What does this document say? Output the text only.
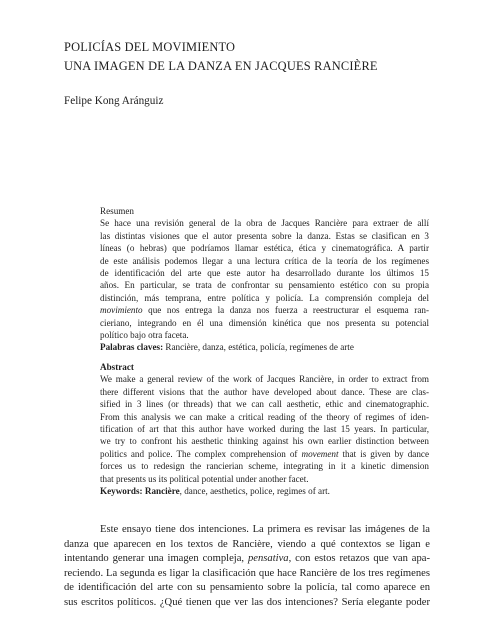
POLICÍAS DEL MOVIMIENTO
UNA IMAGEN DE LA DANZA EN JACQUES RANCIÈRE
Felipe Kong Aránguiz
Resumen
Se hace una revisión general de la obra de Jacques Rancière para extraer de allí
las distintas visiones que el autor presenta sobre la danza. Estas se clasifican en 3
líneas (o hebras) que podríamos llamar estética, ética y cinematográfica. A partir
de este análisis podemos llegar a una lectura crítica de la teoría de los regímenes
de identificación del arte que este autor ha desarrollado durante los últimos 15
años. En particular, se trata de confrontar su pensamiento estético con su propia
distinción, más temprana, entre política y policía. La comprensión compleja del
movimiento que nos entrega la danza nos fuerza a reestructurar el esquema ran-
cieriano, integrando en él una dimensión kinética que nos presenta su potencial
político bajo otra faceta.
Palabras claves: Rancière, danza, estética, policía, regímenes de arte
Abstract
We make a general review of the work of Jacques Rancière, in order to extract from
there different visions that the author have developed about dance. These are clas-
sified in 3 lines (or threads) that we can call aesthetic, ethic and cinematographic.
From this analysis we can make a critical reading of the theory of regimes of iden-
tification of art that this author have worked during the last 15 years. In particular,
we try to confront his aesthetic thinking against his own earlier distinction between
politics and police. The complex comprehension of movement that is given by dance
forces us to redesign the rancierian scheme, integrating in it a kinetic dimension
that presents us its political potential under another facet.
Keywords: Rancière, dance, aesthetics, police, regimes of art.
Este ensayo tiene dos intenciones. La primera es revisar las imágenes de la
danza que aparecen en los textos de Rancière, viendo a qué contextos se ligan e
intentando generar una imagen compleja, pensativa, con estos retazos que van apa-
reciendo. La segunda es ligar la clasificación que hace Rancière de los tres regímenes
de identificación del arte con su pensamiento sobre la policía, tal como aparece en
sus escritos políticos. ¿Qué tienen que ver las dos intenciones? Sería elegante poder
